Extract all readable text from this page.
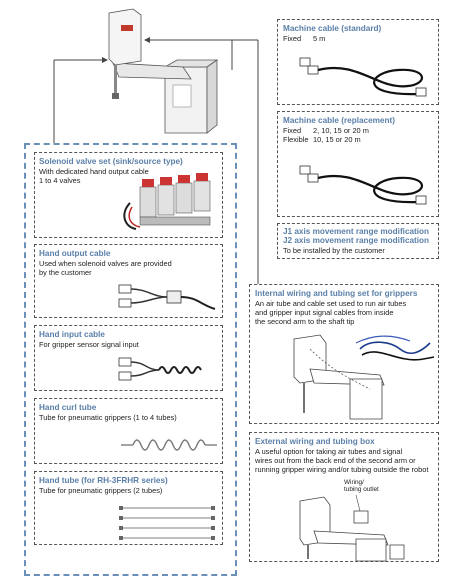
Solenoid valve set (sink/source type)
With dedicated hand output cable
1 to 4 valves
Hand output cable
Used when solenoid valves are provided
by the customer
Hand input cable
For gripper sensor signal input
Hand curl tube
Tube for pneumatic grippers (1 to 4 tubes)
Hand tube (for RH-3FRHR series)
Tube for pneumatic grippers (2 tubes)
Machine cable (standard)
Fixed	5 m
Machine cable (replacement)
Fixed	2, 10, 15 or 20 m
Flexible 10, 15 or 20 m
J1 axis movement range modification
J2 axis movement range modification
To be installed by the customer
Internal wiring and tubing set for grippers
An air tube and cable set used to run air tubes
and gripper input signal cables from inside
the second arm to the shaft tip
External wiring and tubing box
A useful option for taking air tubes and signal
wires out from the back end of the second arm or
running gripper wiring and/or tubing outside the robot
Wiring/
tubing outlet
